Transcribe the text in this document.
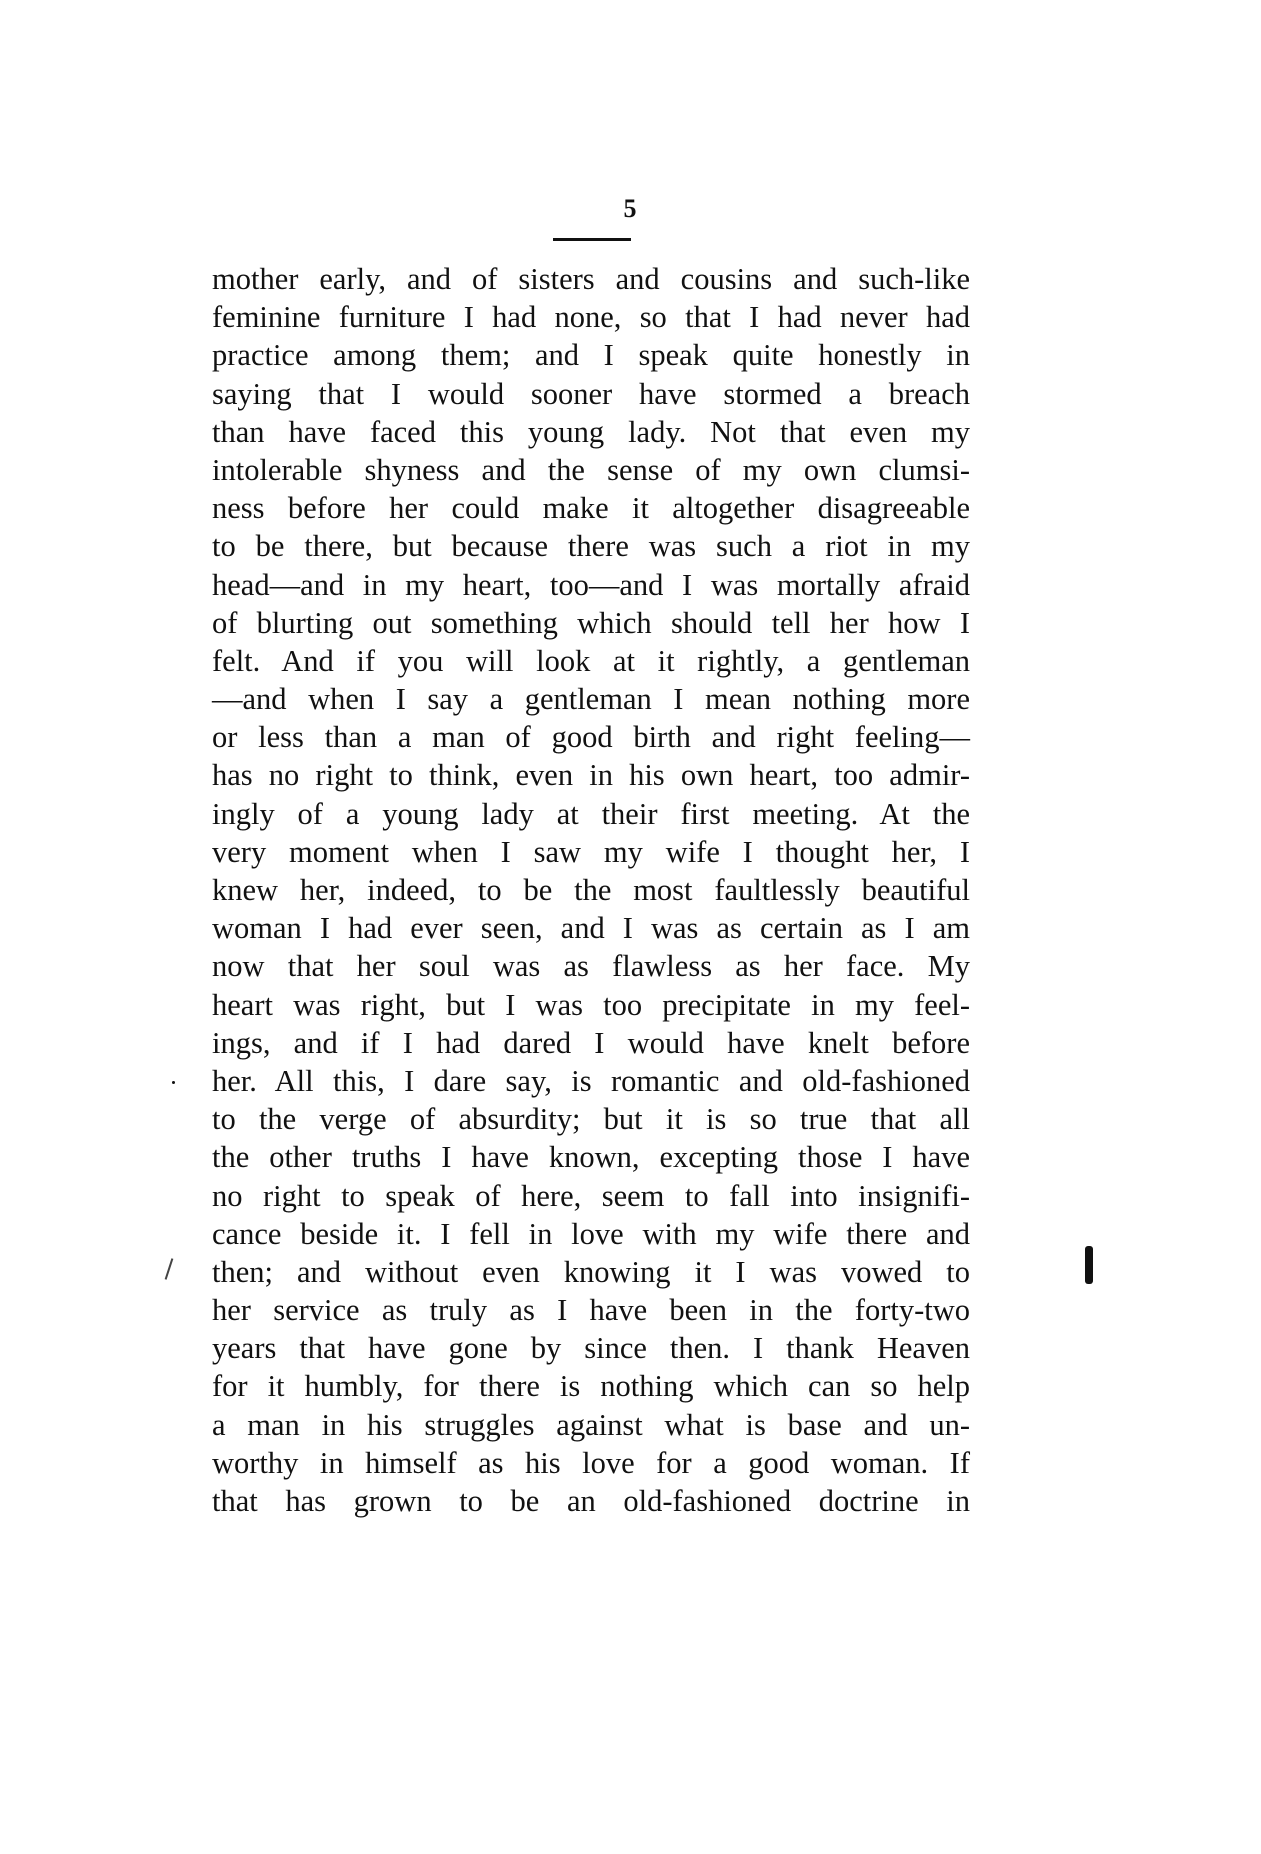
5
mother early, and of sisters and cousins and such-like
feminine furniture I had none, so that I had never had
practice among them; and I speak quite honestly in
saying that I would sooner have stormed a breach
than have faced this young lady. Not that even my
intolerable shyness and the sense of my own clumsi-
ness before her could make it altogether disagreeable
to be there, but because there was such a riot in my
head—and in my heart, too—and I was mortally afraid
of blurting out something which should tell her how I
felt. And if you will look at it rightly, a gentleman
—and when I say a gentleman I mean nothing more
or less than a man of good birth and right feeling—
has no right to think, even in his own heart, too admir-
ingly of a young lady at their first meeting. At the
very moment when I saw my wife I thought her, I
knew her, indeed, to be the most faultlessly beautiful
woman I had ever seen, and I was as certain as I am
now that her soul was as flawless as her face. My
heart was right, but I was too precipitate in my feel-
ings, and if I had dared I would have knelt before
her. All this, I dare say, is romantic and old-fashioned
to the verge of absurdity; but it is so true that all
the other truths I have known, excepting those I have
no right to speak of here, seem to fall into insignifi-
cance beside it. I fell in love with my wife there and
then; and without even knowing it I was vowed to
her service as truly as I have been in the forty-two
years that have gone by since then. I thank Heaven
for it humbly, for there is nothing which can so help
a man in his struggles against what is base and un-
worthy in himself as his love for a good woman. If
that has grown to be an old-fashioned doctrine in
